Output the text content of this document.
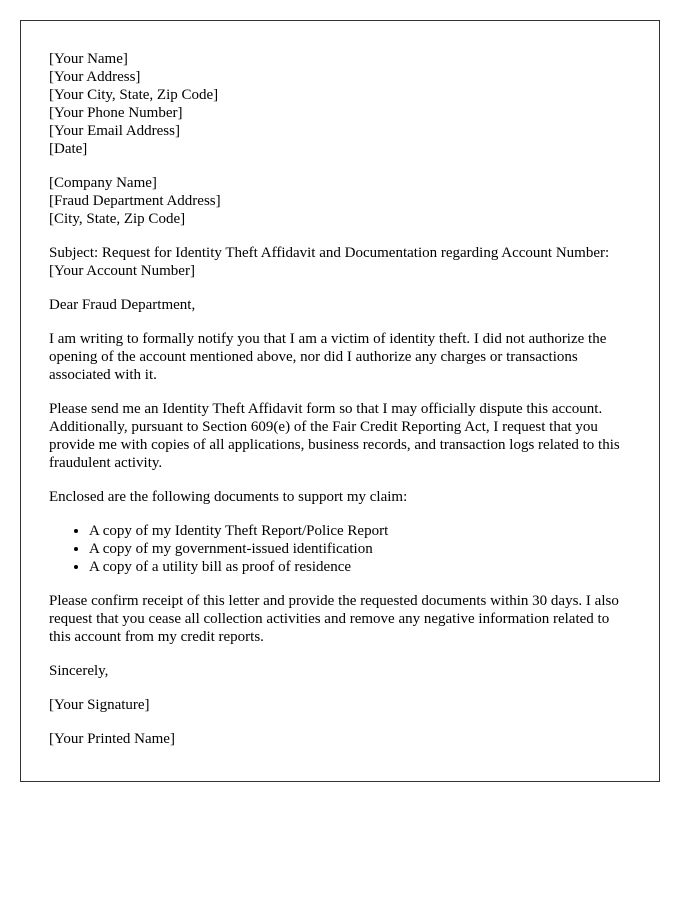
[Your Name]
[Your Address]
[Your City, State, Zip Code]
[Your Phone Number]
[Your Email Address]
[Date]
[Company Name]
[Fraud Department Address]
[City, State, Zip Code]

Subject: Request for Identity Theft Affidavit and Documentation regarding Account Number: [Your Account Number]

Dear Fraud Department,

I am writing to formally notify you that I am a victim of identity theft. I did not authorize the opening of the account mentioned above, nor did I authorize any charges or transactions associated with it.

Please send me an Identity Theft Affidavit form so that I may officially dispute this account. Additionally, pursuant to Section 609(e) of the Fair Credit Reporting Act, I request that you provide me with copies of all applications, business records, and transaction logs related to this fraudulent activity.

Enclosed are the following documents to support my claim:

• A copy of my Identity Theft Report/Police Report
• A copy of my government-issued identification
• A copy of a utility bill as proof of residence

Please confirm receipt of this letter and provide the requested documents within 30 days. I also request that you cease all collection activities and remove any negative information related to this account from my credit reports.

Sincerely,

[Your Signature]

[Your Printed Name]
